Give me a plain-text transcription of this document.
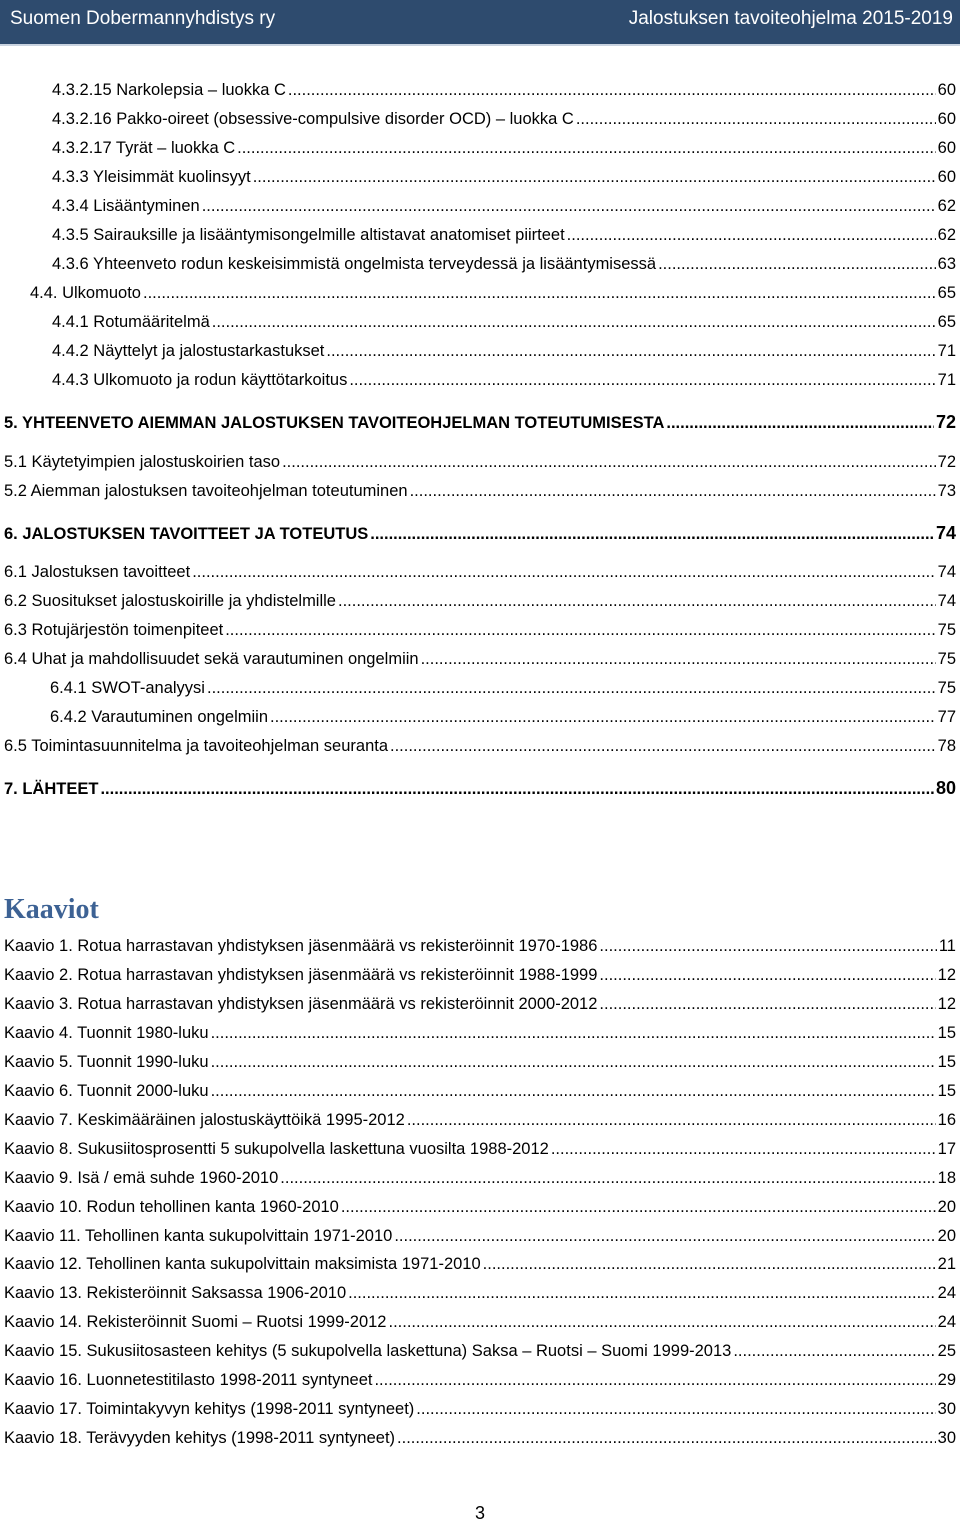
Suomen Dobermannyhdistys ry	Jalostuksen tavoiteohjelma 2015-2019
4.3.2.15 Narkolepsia – luokka C .....	60
4.3.2.16 Pakko-oireet (obsessive-compulsive disorder OCD) – luokka C .....	60
4.3.2.17 Tyrät – luokka C .....	60
4.3.3 Yleisimmät kuolinsyyt .....	60
4.3.4 Lisääntyminen .....	62
4.3.5 Sairauksille ja lisääntymisongelmille altistavat anatomiset piirteet .....	62
4.3.6 Yhteenveto rodun keskeisimmistä ongelmista terveydessä ja lisääntymisessä .....	63
4.4. Ulkomuoto .....	65
4.4.1 Rotumääritelmä .....	65
4.4.2 Näyttelyt ja jalostustarkastukset .....	71
4.4.3 Ulkomuoto ja rodun käyttötarkoitus .....	71
5. YHTEENVETO AIEMMAN JALOSTUKSEN TAVOITEOHJELMAN TOTEUTUMISESTA .....	72
5.1 Käytetyimpien jalostuskoirien taso .....	72
5.2 Aiemman jalostuksen tavoiteohjelman toteutuminen .....	73
6. JALOSTUKSEN TAVOITTEET JA TOTEUTUS .....	74
6.1 Jalostuksen tavoitteet .....	74
6.2 Suositukset jalostuskoirille ja yhdistelmille .....	74
6.3 Rotujärjestön toimenpiteet .....	75
6.4 Uhat ja mahdollisuudet sekä varautuminen ongelmiin .....	75
6.4.1 SWOT-analyysi .....	75
6.4.2 Varautuminen ongelmiin .....	77
6.5 Toimintasuunnitelma ja tavoiteohjelman seuranta .....	78
7. LÄHTEET .....	80
Kaaviot
Kaavio 1. Rotua harrastavan yhdistyksen jäsenmäärä vs rekisteröinnit 1970-1986 .....	11
Kaavio 2. Rotua harrastavan yhdistyksen jäsenmäärä vs rekisteröinnit 1988-1999 .....	12
Kaavio 3. Rotua harrastavan yhdistyksen jäsenmäärä vs rekisteröinnit 2000-2012 .....	12
Kaavio 4. Tuonnit 1980-luku .....	15
Kaavio 5. Tuonnit 1990-luku .....	15
Kaavio 6. Tuonnit 2000-luku .....	15
Kaavio 7. Keskimääräinen jalostuskäyttöikä 1995-2012 .....	16
Kaavio 8. Sukusiitosprosentti 5 sukupolvella laskettuna vuosilta 1988-2012 .....	17
Kaavio 9. Isä / emä suhde 1960-2010 .....	18
Kaavio 10. Rodun tehollinen kanta 1960-2010 .....	20
Kaavio 11. Tehollinen kanta sukupolvittain 1971-2010 .....	20
Kaavio 12. Tehollinen kanta sukupolvittain maksimista 1971-2010 .....	21
Kaavio 13. Rekisteröinnit Saksassa 1906-2010 .....	24
Kaavio 14. Rekisteröinnit Suomi – Ruotsi 1999-2012 .....	24
Kaavio 15. Sukusiitosasteen kehitys (5 sukupolvella laskettuna) Saksa – Ruotsi – Suomi 1999-2013 .....	25
Kaavio 16. Luonnetestitilasto 1998-2011 syntyneet .....	29
Kaavio 17. Toimintakyvyn kehitys (1998-2011 syntyneet) .....	30
Kaavio 18. Terävyyden kehitys (1998-2011 syntyneet) .....	30
3
